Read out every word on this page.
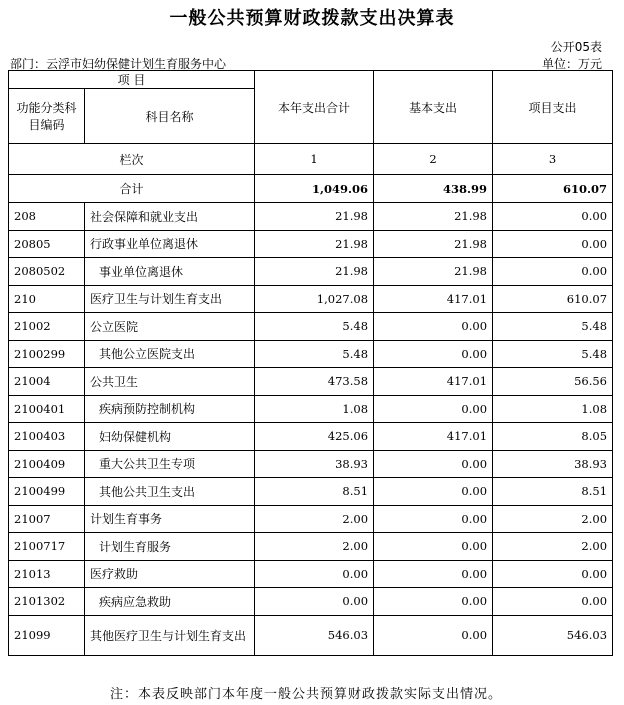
一般公共预算财政拨款支出决算表
公开05表
部门：云浮市妇幼保健计划生育服务中心	单位：万元
项 目		本年支出合计	基本支出	项目支出
功能分类科目编码	科目名称			
栏次		1	2	3
合计		1,049.06	438.99	610.07
208	社会保障和就业支出	21.98	21.98	0.00
20805	行政事业单位离退休	21.98	21.98	0.00
2080502	事业单位离退休	21.98	21.98	0.00
210	医疗卫生与计划生育支出	1,027.08	417.01	610.07
21002	公立医院	5.48	0.00	5.48
2100299	其他公立医院支出	5.48	0.00	5.48
21004	公共卫生	473.58	417.01	56.56
2100401	疾病预防控制机构	1.08	0.00	1.08
2100403	妇幼保健机构	425.06	417.01	8.05
2100409	重大公共卫生专项	38.93	0.00	38.93
2100499	其他公共卫生支出	8.51	0.00	8.51
21007	计划生育事务	2.00	0.00	2.00
2100717	计划生育服务	2.00	0.00	2.00
21013	医疗救助	0.00	0.00	0.00
2101302	疾病应急救助	0.00	0.00	0.00
21099	其他医疗卫生与计划生育支出	546.03	0.00	546.03
注：本表反映部门本年度一般公共预算财政拨款实际支出情况。
